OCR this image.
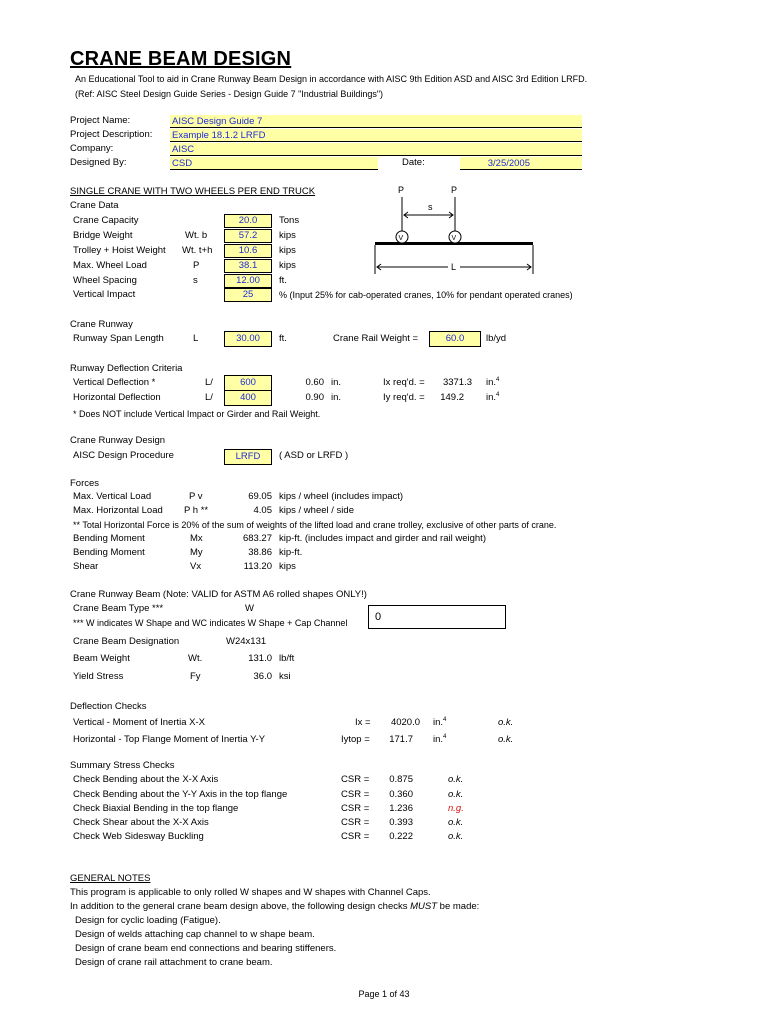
CRANE BEAM DESIGN
An Educational Tool to aid in Crane Runway Beam Design in accordance with AISC 9th Edition ASD and AISC 3rd Edition LRFD.
(Ref: AISC Steel Design Guide Series - Design Guide 7 "Industrial Buildings")
Project Name:	AISC Design Guide 7
Project Description: Example 18.1.2 LRFD
Company:	AISC
Designed By:	CSD	Date:	3/25/2005
SINGLE CRANE WITH TWO WHEELS PER END TRUCK
Crane Data
Crane Capacity	20.0	Tons
Bridge Weight	Wt. b	57.2	kips
Trolley + Hoist Weight Wt. t+h	10.6	kips
Max. Wheel Load	P	38.1	kips
Wheel Spacing	s	12.00	ft.
Vertical Impact	25	% (Input 25% for cab-operated cranes, 10% for pendant operated cranes)
P	P
s
V	V
L
Crane Runway
Runway Span Length	L	30.00	ft.	Crane Rail Weight =	60.0	lb/yd
Runway Deflection Criteria
Vertical Deflection *	L/	600	0.60 in.	Ix req'd. =	3371.3 in.$^4$
Horizontal Deflection	L/	400	0.90 in.	Iy req'd. =	149.2 in.$^4$
* Does NOT include Vertical Impact or Girder and Rail Weight.
Crane Runway Design
AISC Design Procedure	LRFD	( ASD or LRFD )
Forces
Max. Vertical Load	P v	69.05 kips / wheel (includes impact)
Max. Horizontal Load P h **	4.05 kips / wheel / side
** Total Horizontal Force is 20% of the sum of weights of the lifted load and crane trolley, exclusive of other parts of crane.
Bending Moment	Mx	683.27 kip-ft. (includes impact and girder and rail weight)
Bending Moment	My	38.86 kip-ft.
Shear	Vx	113.20 kips
Crane Runway Beam (Note: VALID for ASTM A6 rolled shapes ONLY!)
Crane Beam Type ***	W
0
*** W indicates W Shape and WC indicates W Shape + Cap Channel
Crane Beam Designation	W24x131
Beam Weight	Wt.	131.0 lb/ft
Yield Stress	Fy	36.0 ksi
Deflection Checks
Vertical - Moment of Inertia X-X	Ix =	4020.0 in.$^4$	o.k.
Horizontal - Top Flange Moment of Inertia Y-Y	Iytop =	171.7 in.$^4$	o.k.
Summary Stress Checks
Check Bending about the X-X Axis	CSR =	0.875	o.k.
Check Bending about the Y-Y Axis in the top flange	CSR =	0.360	o.k.
Check Biaxial Bending in the top flange	CSR =	1.236	n.g.
Check Shear about the X-X Axis	CSR =	0.393	o.k.
Check Web Sidesway Buckling	CSR =	0.222	o.k.
GENERAL NOTES
This program is applicable to only rolled W shapes and W shapes with Channel Caps.
In addition to the general crane beam design above, the following design checks MUST be made:
Design for cyclic loading (Fatigue).
Design of welds attaching cap channel to w shape beam.
Design of crane beam end connections and bearing stiffeners.
Design of crane rail attachment to crane beam.
Page 1 of 43
